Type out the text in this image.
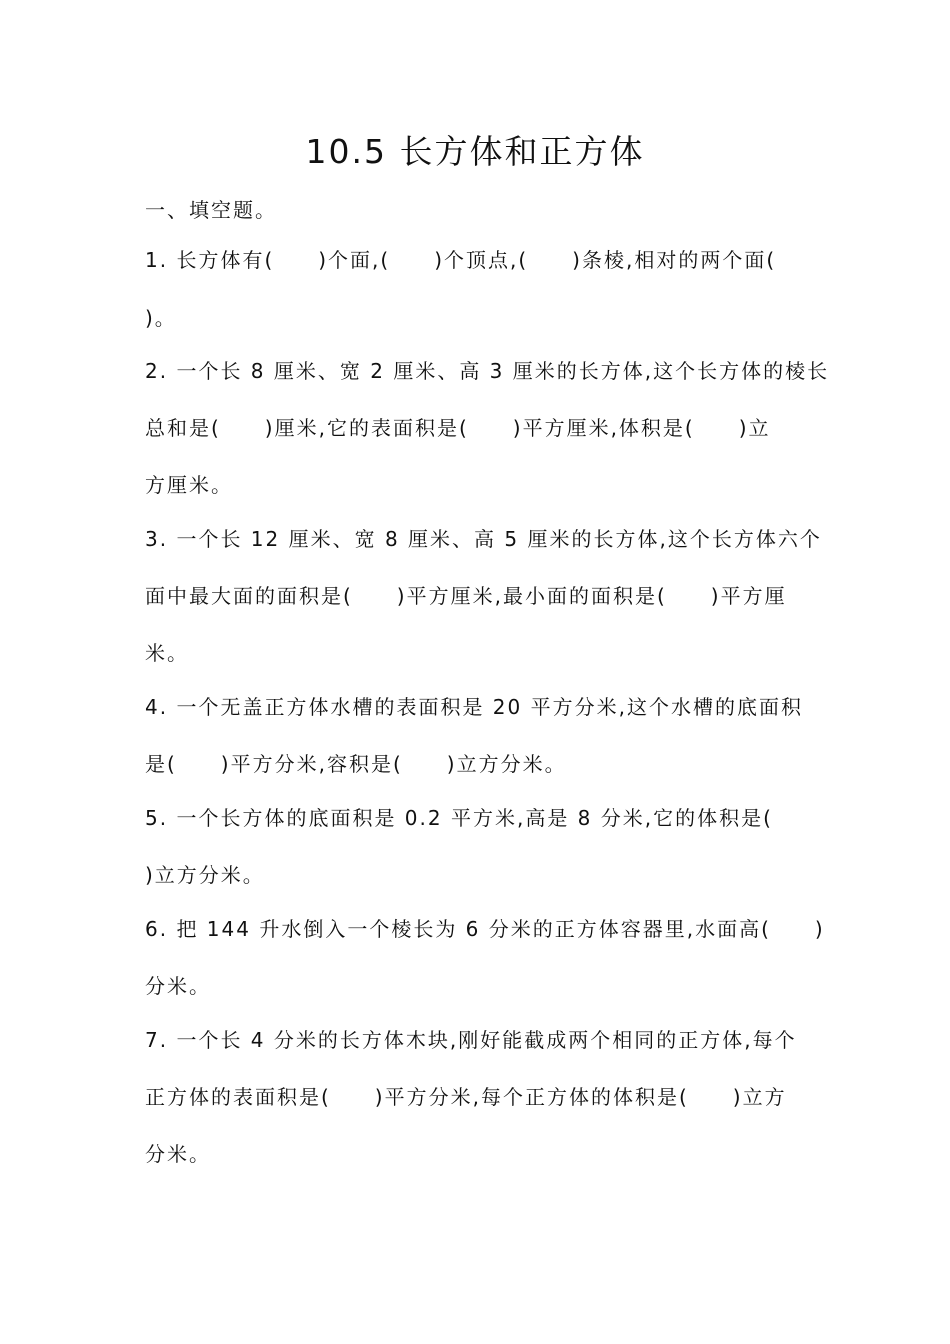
10.5 长方体和正方体
一、填空题。
1. 长方体有(　　)个面,(　　)个顶点,(　　)条棱,相对的两个面(
)。
2. 一个长 8 厘米、宽 2 厘米、高 3 厘米的长方体,这个长方体的棱长
总和是(　　)厘米,它的表面积是(　　)平方厘米,体积是(　　)立
方厘米。
3. 一个长 12 厘米、宽 8 厘米、高 5 厘米的长方体,这个长方体六个
面中最大面的面积是(　　)平方厘米,最小面的面积是(　　)平方厘
米。
4. 一个无盖正方体水槽的表面积是 20 平方分米,这个水槽的底面积
是(　　)平方分米,容积是(　　)立方分米。
5. 一个长方体的底面积是 0.2 平方米,高是 8 分米,它的体积是(
)立方分米。
6. 把 144 升水倒入一个棱长为 6 分米的正方体容器里,水面高(　　)
分米。
7. 一个长 4 分米的长方体木块,刚好能截成两个相同的正方体,每个
正方体的表面积是(　　)平方分米,每个正方体的体积是(　　)立方
分米。
